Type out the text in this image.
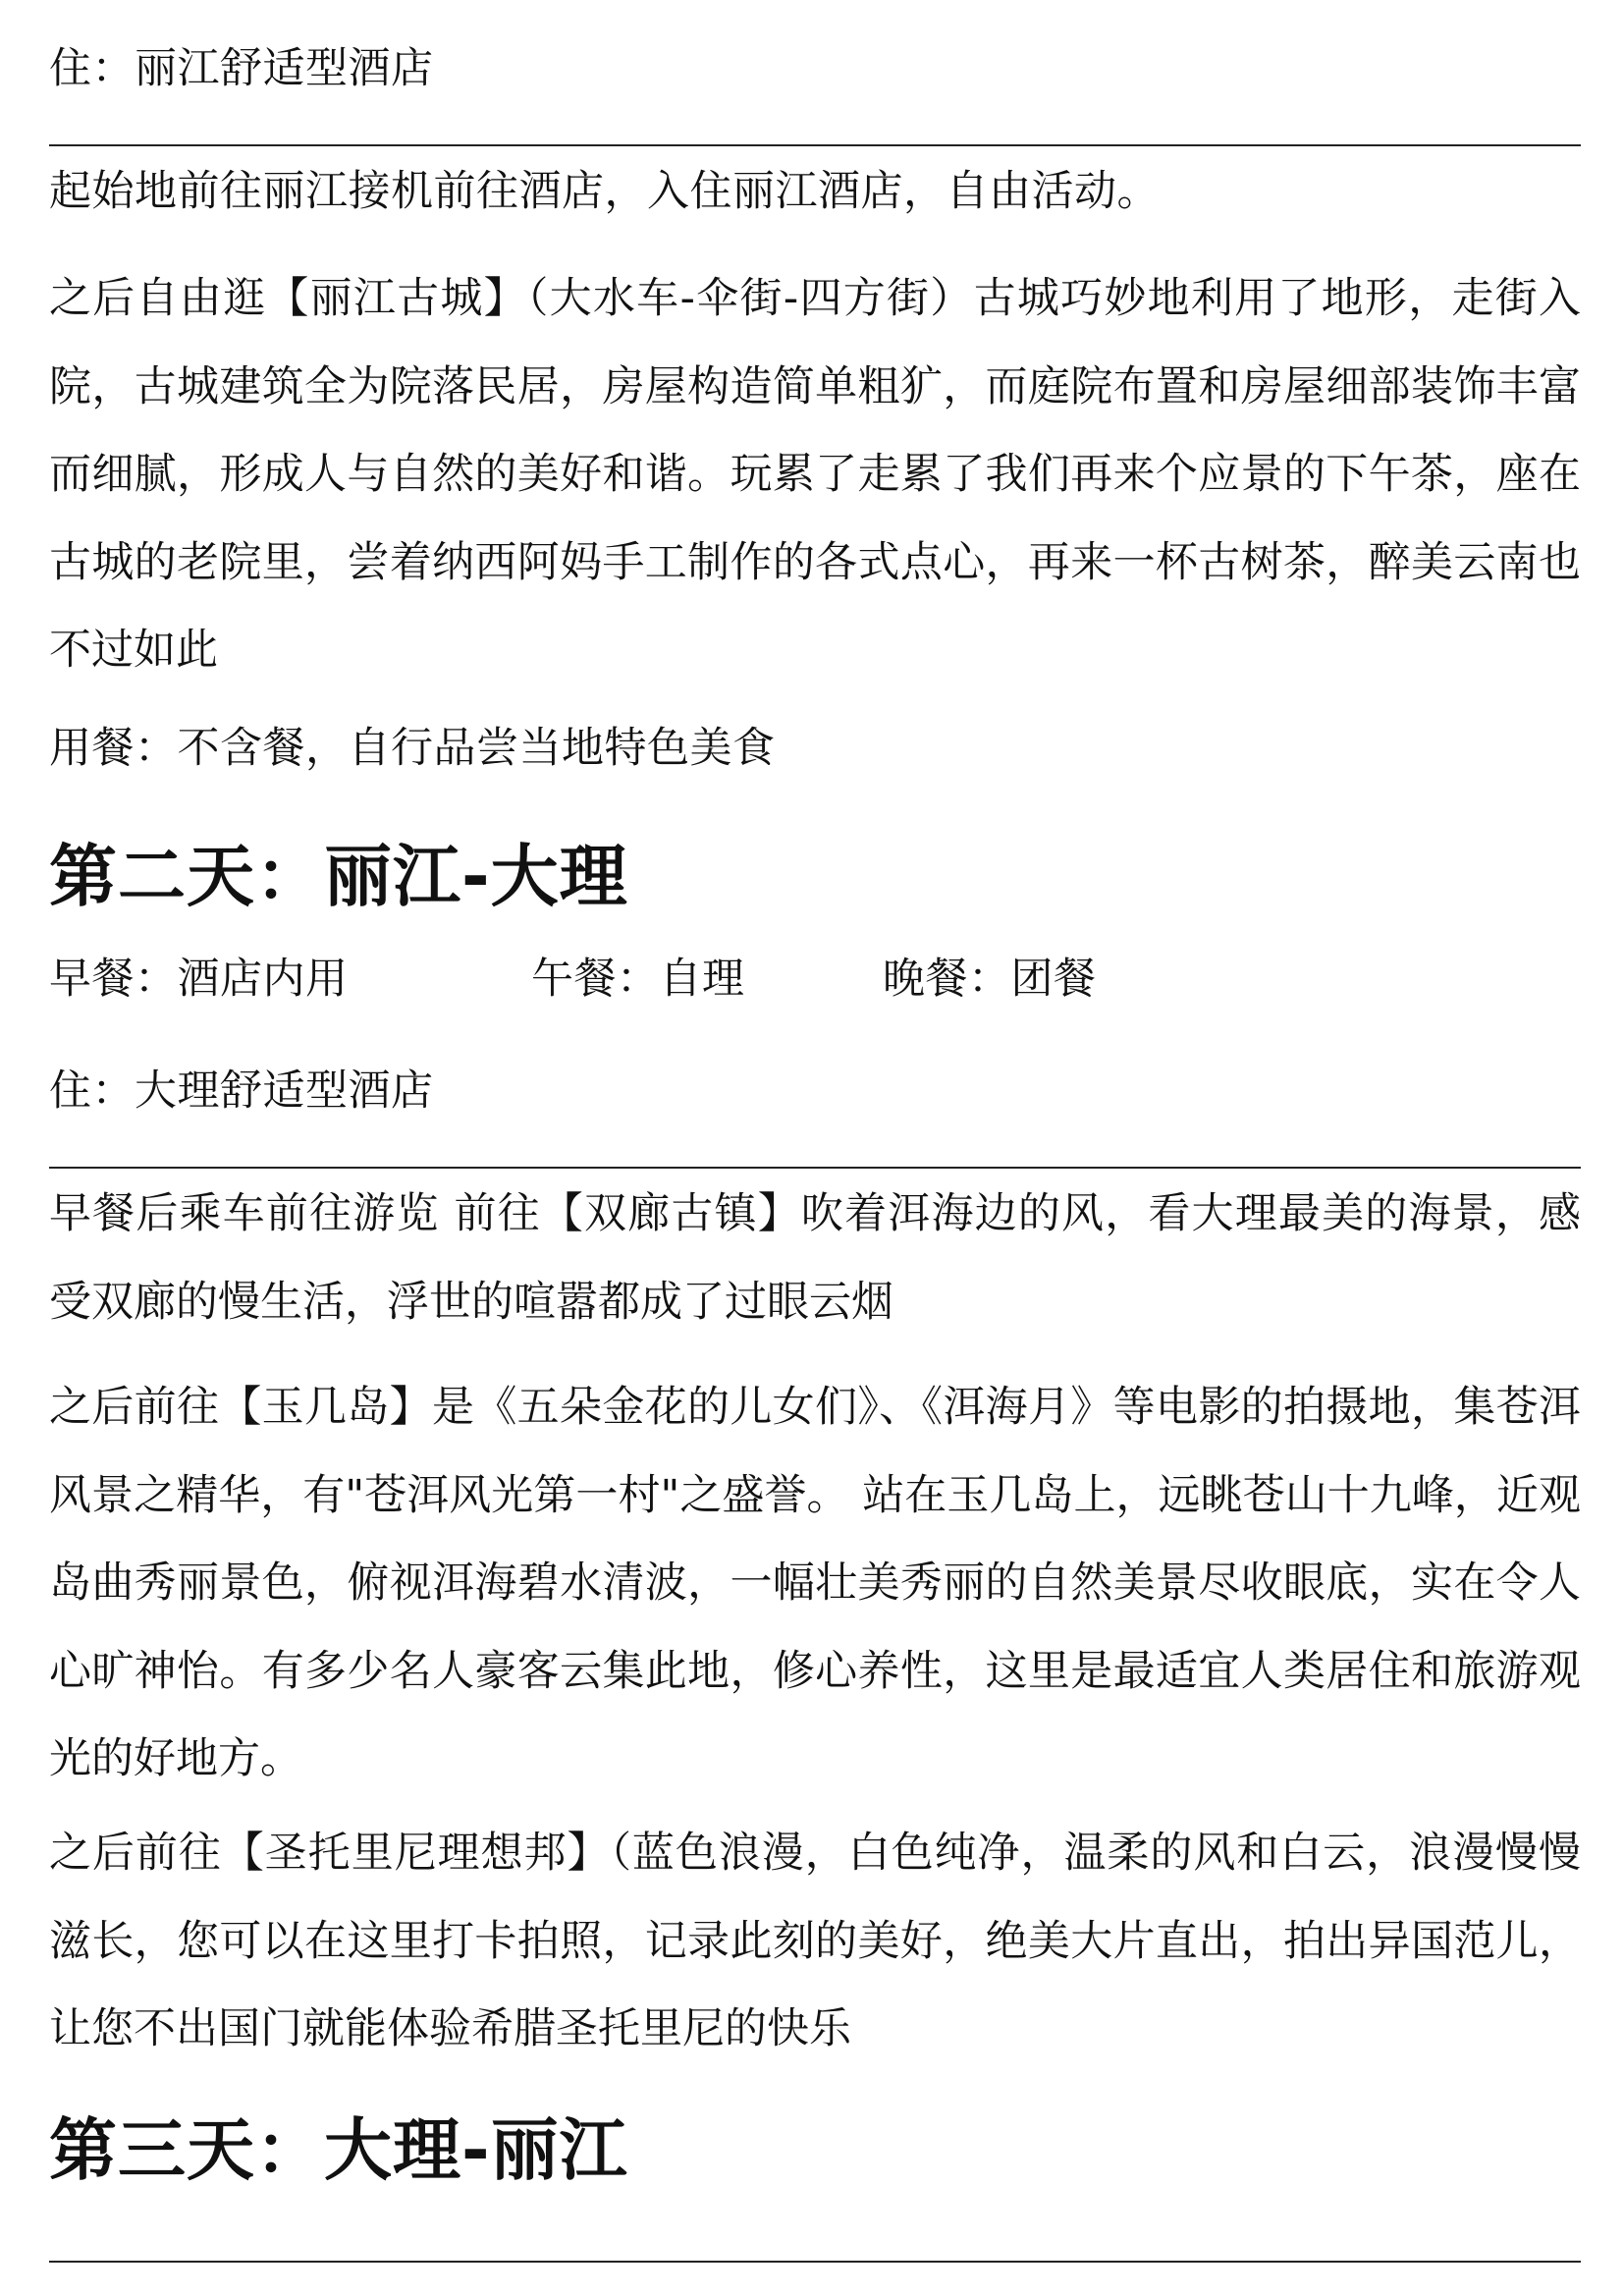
住：丽江舒适型酒店

起始地前往丽江接机前往酒店，入住丽江酒店，自由活动。

之后自由逛【丽江古城】（大水车-伞街-四方街）古城巧妙地利用了地形，走街入院，古城建筑全为院落民居，房屋构造简单粗犷，而庭院布置和房屋细部装饰丰富而细腻，形成人与自然的美好和谐。玩累了走累了我们再来个应景的下午茶，座在古城的老院里，尝着纳西阿妈手工制作的各式点心，再来一杯古树茶，醉美云南也不过如此

用餐：不含餐，自行品尝当地特色美食

第二天：丽江-大理

早餐：酒店内用	午餐：自理	晚餐：团餐

住：大理舒适型酒店

早餐后乘车前往游览 前往【双廊古镇】吹着洱海边的风，看大理最美的海景，感受双廊的慢生活，浮世的喧嚣都成了过眼云烟

之后前往【玉几岛】是《五朵金花的儿女们》、《洱海月》等电影的拍摄地，集苍洱风景之精华，有"苍洱风光第一村"之盛誉。 站在玉几岛上，远眺苍山十九峰，近观岛曲秀丽景色，俯视洱海碧水清波，一幅壮美秀丽的自然美景尽收眼底，实在令人心旷神怡。有多少名人豪客云集此地，修心养性，这里是最适宜人类居住和旅游观光的好地方。

之后前往【圣托里尼理想邦】（蓝色浪漫，白色纯净，温柔的风和白云，浪漫慢慢滋长，您可以在这里打卡拍照，记录此刻的美好，绝美大片直出，拍出异国范儿，让您不出国门就能体验希腊圣托里尼的快乐

第三天：大理-丽江
